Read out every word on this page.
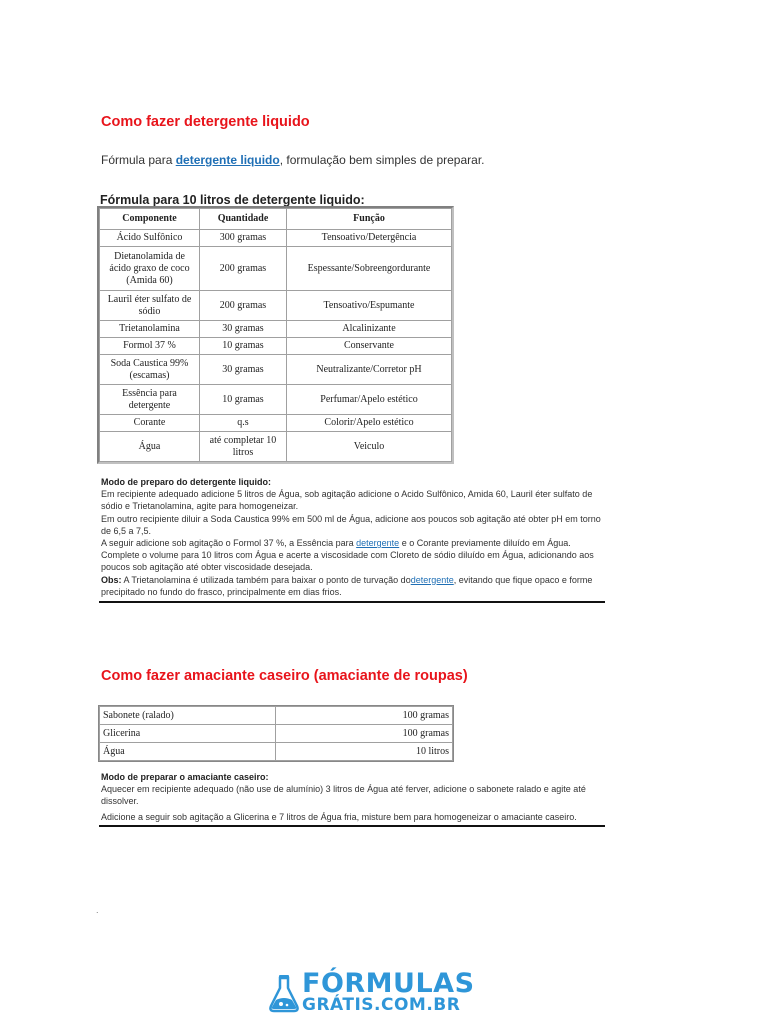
Como fazer detergente liquido
Fórmula para detergente liquido, formulação bem simples de preparar.
Fórmula para 10 litros de detergente liquido:
Componente	Quantidade	Função
Ácido Sulfônico	300 gramas	Tensoativo/Detergência
Dietanolamida de ácido graxo de coco (Amida 60)	200 gramas	Espessante/Sobreengordurante
Lauril éter sulfato de sódio	200 gramas	Tensoativo/Espumante
Trietanolamina	30 gramas	Alcalinizante
Formol 37 %	10 gramas	Conservante
Soda Caustica 99% (escamas)	30 gramas	Neutralizante/Corretor pH
Essência para detergente	10 gramas	Perfumar/Apelo estético
Corante	q.s	Colorir/Apelo estético
Água	até completar 10 litros	Veiculo
Modo de preparo do detergente liquido:
Em recipiente adequado adicione 5 litros de Água, sob agitação adicione o Acido Sulfônico, Amida 60, Lauril éter sulfato de sódio e Trietanolamina, agite para homogeneizar.
Em outro recipiente diluir a Soda Caustica 99% em 500 ml de Água, adicione aos poucos sob agitação até obter pH em torno de 6,5 a 7,5.
A seguir adicione sob agitação o Formol 37 %, a Essência para detergente e o Corante previamente diluído em Água.
Complete o volume para 10 litros com Água e acerte a viscosidade com Cloreto de sódio diluído em Água, adicionando aos poucos sob agitação até obter viscosidade desejada.
Obs: A Trietanolamina é utilizada também para baixar o ponto de turvação dodetergente, evitando que fique opaco e forme precipitado no fundo do frasco, principalmente em dias frios.
Como fazer amaciante caseiro (amaciante de roupas)
Sabonete (ralado)	100 gramas
Glicerina	100 gramas
Água	10 litros
Modo de preparar o amaciante caseiro:
Aquecer em recipiente adequado (não use de alumínio) 3 litros de Água até ferver, adicione o sabonete ralado e agite até dissolver.
Adicione a seguir sob agitação a Glicerina e 7 litros de Água fria, misture bem para homogeneizar o amaciante caseiro.
.
FÓRMULAS
GRÁTIS.COM.BR
